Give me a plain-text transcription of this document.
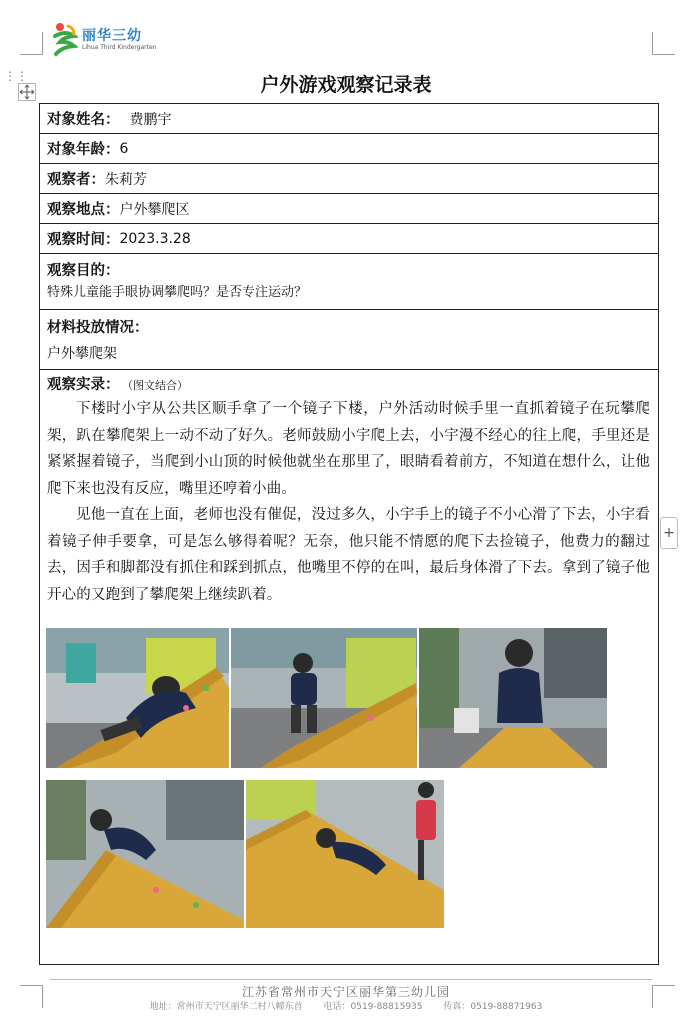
丽华三幼
Lihua Third Kindergarten
⋮⋮	户外游戏观察记录表
对象姓名： 费鹏宇
对象年龄： 6
观察者： 朱莉芳
观察地点： 户外攀爬区
观察时间： 2023.3.28
观察目的：
特殊儿童能手眼协调攀爬吗？是否专注运动？
材料投放情况：
户外攀爬架
观察实录： （图文结合）

下楼时小宇从公共区顺手拿了一个镜子下楼，户外活动时候手里一直抓着镜子在玩攀爬架，趴在攀爬架上一动不动了好久。老师鼓励小宇爬上去，小宇漫不经心的往上爬，手里还是紧紧握着镜子，当爬到小山顶的时候他就坐在那里了，眼睛看着前方，不知道在想什么，让他爬下来也没有反应，嘴里还哼着小曲。

见他一直在上面，老师也没有催促，没过多久，小宇手上的镜子不小心滑了下去，小宇看着镜子伸手要拿，可是怎么够得着呢？无奈，他只能不情愿的爬下去捡镜子，他费力的翻过去，因手和脚都没有抓住和踩到抓点，他嘴里不停的在叫，最后身体滑了下去。拿到了镜子他开心的又跑到了攀爬架上继续趴着。

+
江苏省常州市天宁区丽华第三幼儿园
地址：常州市天宁区丽华二村八幢东首 电话：0519-88815935 传真：0519-88871963
